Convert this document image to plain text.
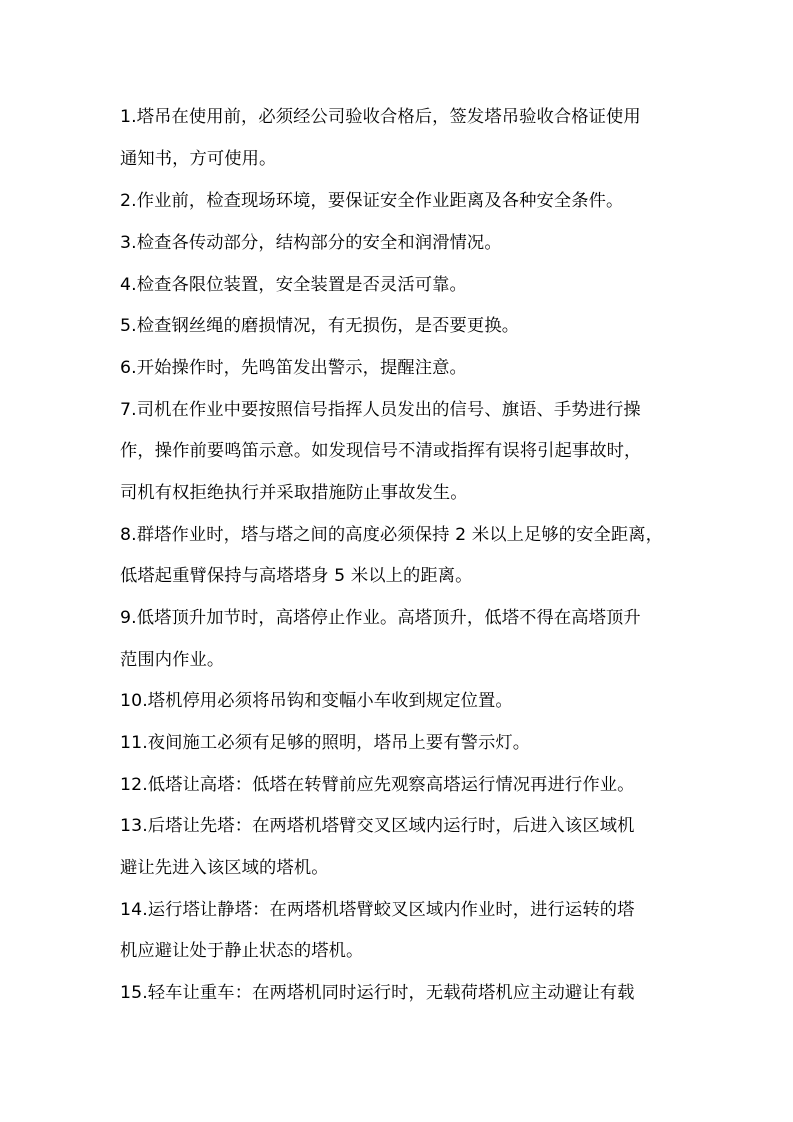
1.塔吊在使用前，必须经公司验收合格后，签发塔吊验收合格证使用
通知书，方可使用。
2.作业前，检查现场环境，要保证安全作业距离及各种安全条件。
3.检查各传动部分，结构部分的安全和润滑情况。
4.检查各限位装置，安全装置是否灵活可靠。
5.检查钢丝绳的磨损情况，有无损伤，是否要更换。
6.开始操作时，先鸣笛发出警示，提醒注意。
7.司机在作业中要按照信号指挥人员发出的信号、旗语、手势进行操
作，操作前要鸣笛示意。如发现信号不清或指挥有误将引起事故时，
司机有权拒绝执行并采取措施防止事故发生。
8.群塔作业时，塔与塔之间的高度必须保持 2 米以上足够的安全距离，
低塔起重臂保持与高塔塔身 5 米以上的距离。
9.低塔顶升加节时，高塔停止作业。高塔顶升，低塔不得在高塔顶升
范围内作业。
10.塔机停用必须将吊钩和变幅小车收到规定位置。
11.夜间施工必须有足够的照明，塔吊上要有警示灯。
12.低塔让高塔：低塔在转臂前应先观察高塔运行情况再进行作业。
13.后塔让先塔：在两塔机塔臂交叉区域内运行时，后进入该区域机
避让先进入该区域的塔机。
14.运行塔让静塔：在两塔机塔臂蛟叉区域内作业时，进行运转的塔
机应避让处于静止状态的塔机。
15.轻车让重车：在两塔机同时运行时，无载荷塔机应主动避让有载
